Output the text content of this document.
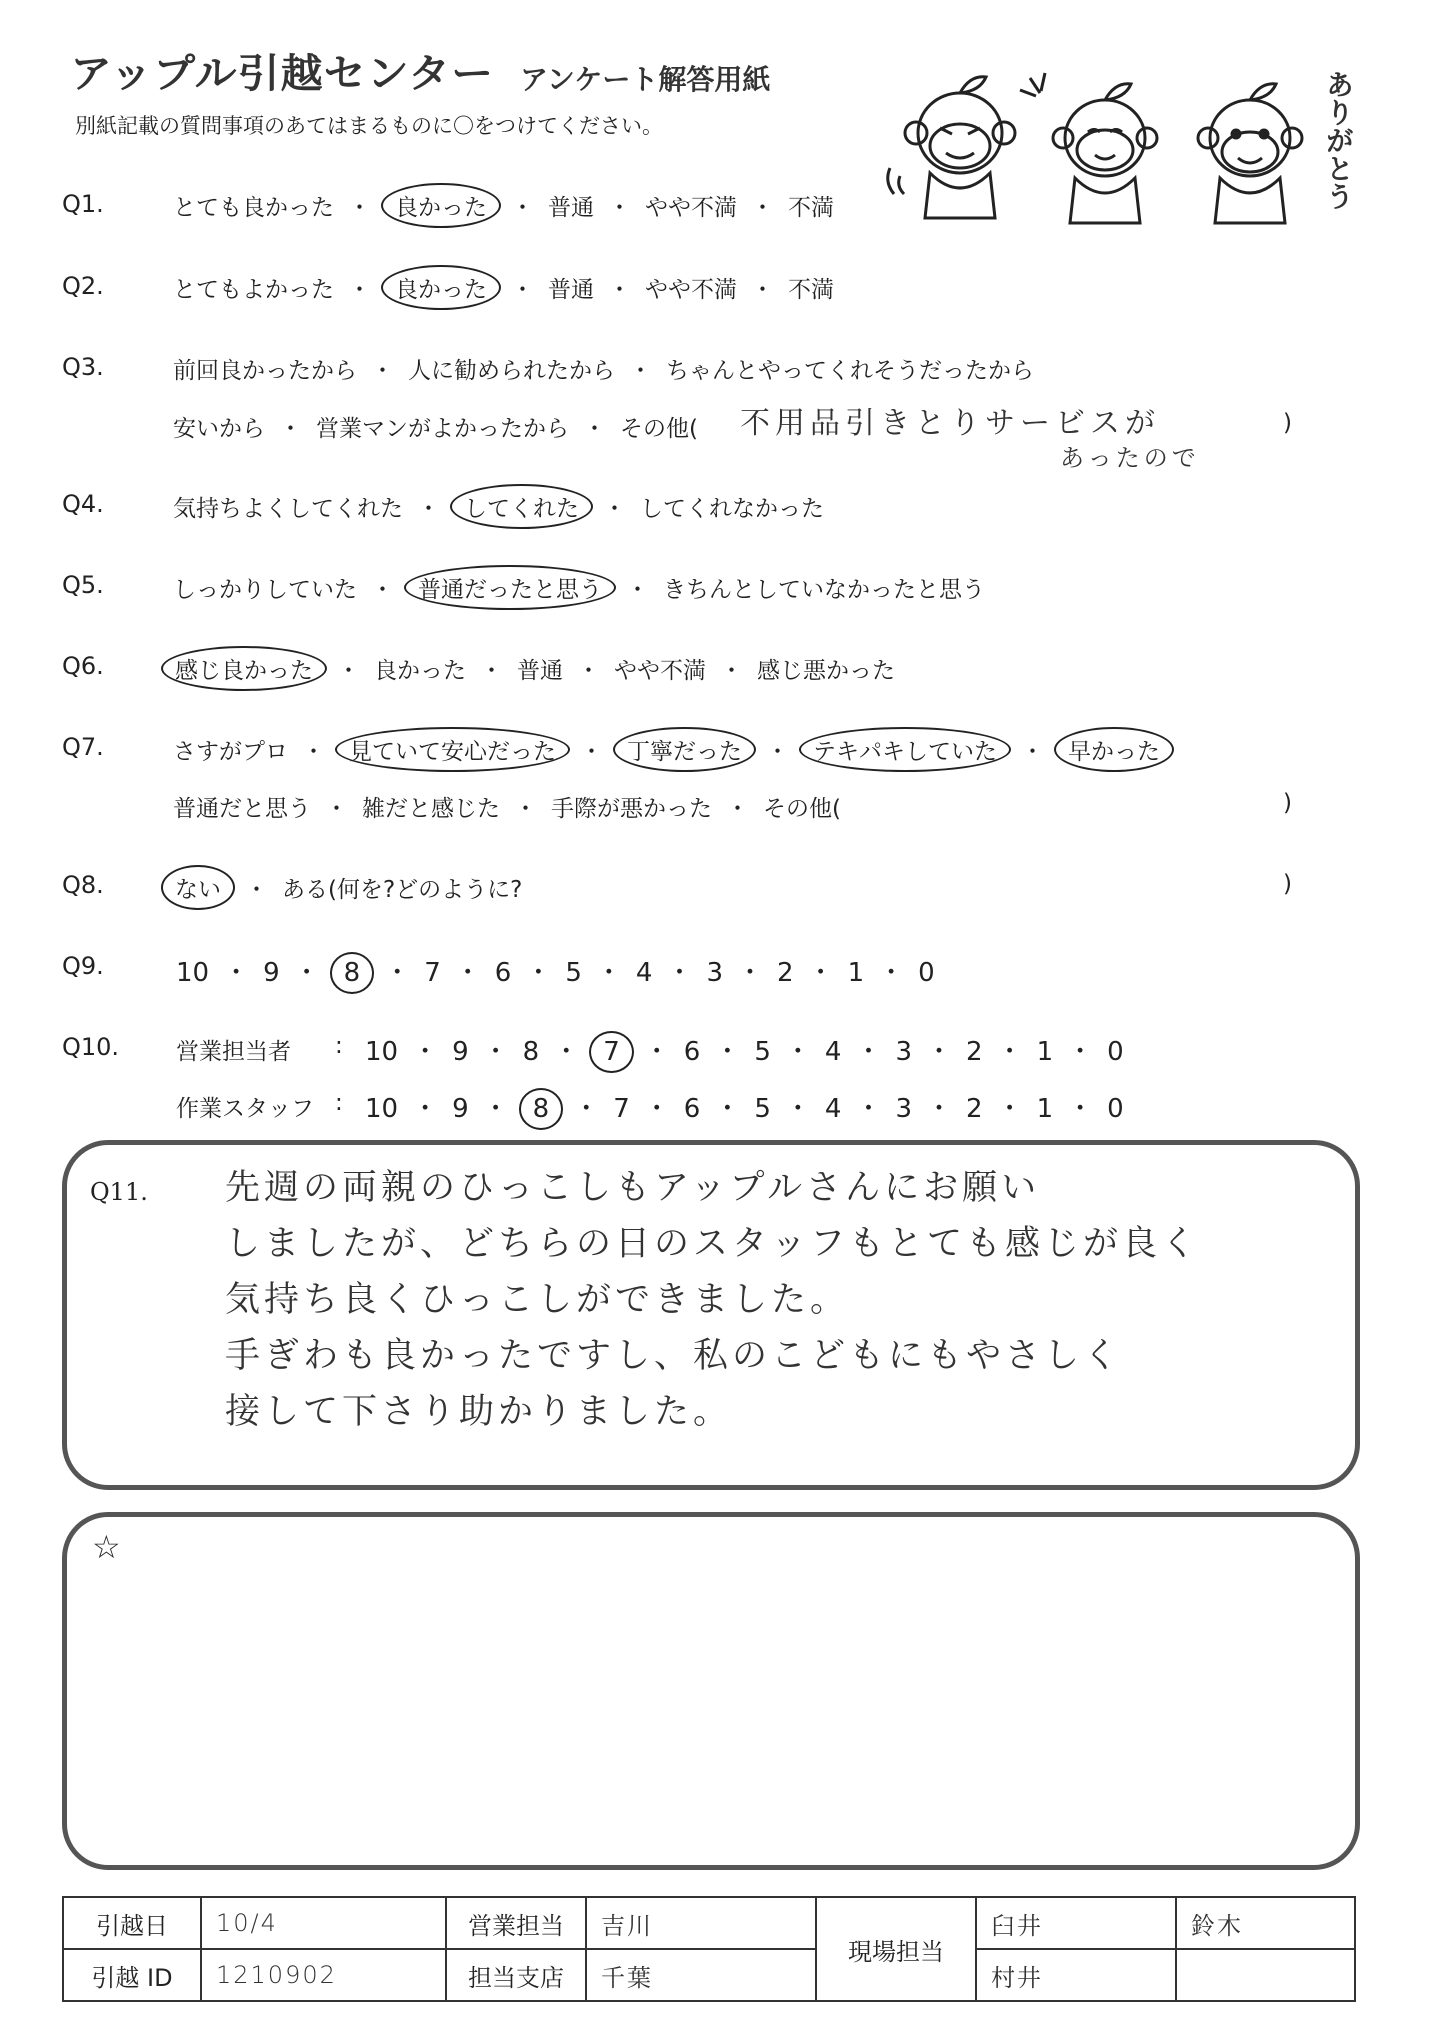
アップル引越センター アンケート解答用紙
別紙記載の質問事項のあてはまるものに〇をつけてください。	ありがとう
Q1.	とても良かった ・ 良かった ・ 普通 ・ やや不満 ・ 不満
Q2.	とてもよかった ・ 良かった ・ 普通 ・ やや不満 ・ 不満
Q3.	前回良かったから ・ 人に勧められたから ・ ちゃんとやってくれそうだったから
安いから ・ 営業マンがよかったから ・ その他( 不用品引きとりサービスが
あったので
)
Q4.	気持ちよくしてくれた ・ してくれた ・ してくれなかった
Q5.	しっかりしていた ・ 普通だったと思う ・ きちんとしていなかったと思う
Q6.	感じ良かった ・ 良かった ・ 普通 ・ やや不満 ・ 感じ悪かった
Q7.	さすがプロ ・ 見ていて安心だった ・ 丁寧だった ・ テキパキしていた ・ 早かった
普通だと思う ・ 雑だと感じた ・ 手際が悪かった ・ その他(	)
Q8.	ない ・ ある(何を?どのように?	)
Q9.	10 ・ 9 ・ 8 ・ 7 ・ 6 ・ 5 ・ 4 ・ 3 ・ 2 ・ 1 ・ 0
Q10. 営業担当者 : 10 ・ 9 ・ 8 ・ 7 ・ 6 ・ 5 ・ 4 ・ 3 ・ 2 ・ 1 ・ 0
作業スタッフ : 10 ・ 9 ・ 8 ・ 7 ・ 6 ・ 5 ・ 4 ・ 3 ・ 2 ・ 1 ・ 0
Q11. 先週の両親のひっこしもアップルさんにお願い
しましたが、どちらの日のスタッフもとても感じが良く
気持ち良くひっこしができました。
手ぎわも良かったですし、私のこどもにもやさしく
接して下さり助かりました。
☆
引越日	10/4	営業担当	吉川	現場担当	臼井	鈴木
引越 ID	1210902	担当支店	千葉		村井	
